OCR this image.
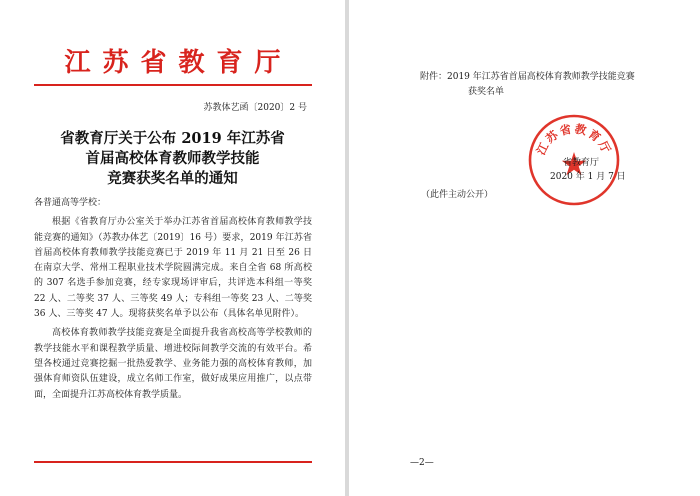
江苏省教育厅
苏教体艺函〔2020〕2 号
省教育厅关于公布 2019 年江苏省
首届高校体育教师教学技能
竞赛获奖名单的通知
各普通高等学校：
根据《省教育厅办公室关于举办江苏省首届高校体育教师教学技能竞赛的通知》（苏教办体艺〔2019〕16 号）要求，2019 年江苏省首届高校体育教师教学技能竞赛已于 2019 年 11 月 21 日至 26 日在南京大学、常州工程职业技术学院圆满完成。来自全省 68 所高校的 307 名选手参加竞赛，经专家现场评审后，共评选本科组一等奖 22 人、二等奖 37 人、三等奖 49 人；专科组一等奖 23 人、二等奖 36 人、三等奖 47 人。现将获奖名单予以公布（具体名单见附件）。
高校体育教师教学技能竞赛是全面提升我省高校高等学校教师的教学技能水平和课程教学质量、增进校际间教学交流的有效平台。希望各校通过竞赛挖掘一批热爱教学、业务能力强的高校体育教师，加强体育师资队伍建设，成立名师工作室，做好成果应用推广，以点带面，全面提升江苏高校体育教学质量。
附件：2019 年江苏省首届高校体育教师教学技能竞赛
获奖名单
江苏省教育厅
省教育厅
2020 年 1 月 7 日
（此件主动公开）
—2—
